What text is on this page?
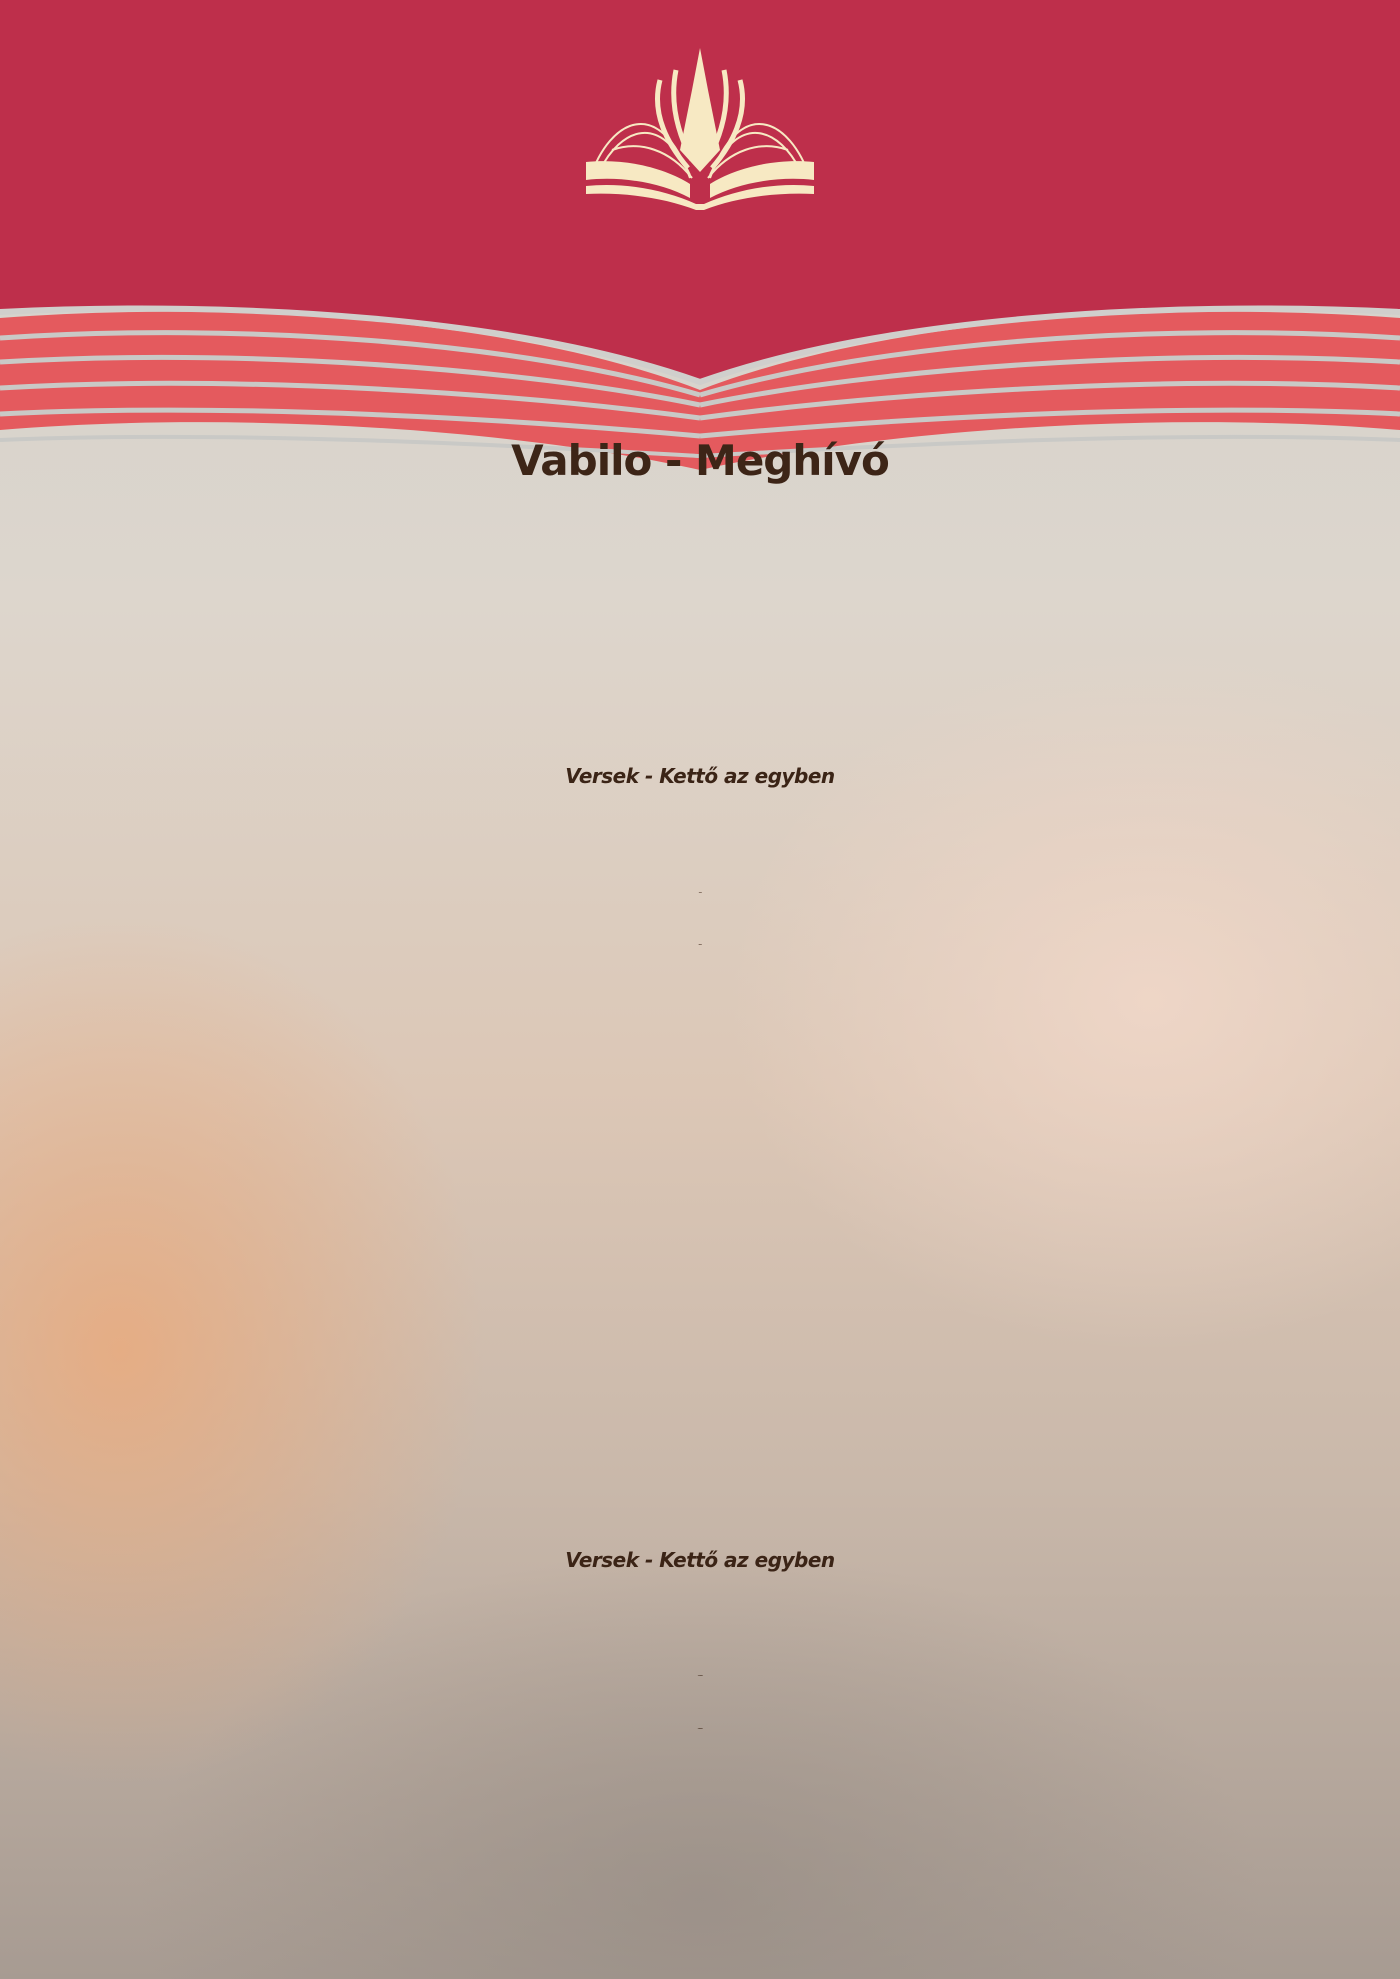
Vabilo - Meghívó
Versek - Kettő az egyben
ki bo v sredo, 10. maja 2023, ob 17. uri
v Gledališki in koncertni dvorani Lendava.
Versek - Kettő az egyben
amely 2023. május 10-én, szerdán 17.00 órakor lesz
Lendván a Kulturális Központ színháztermében.
